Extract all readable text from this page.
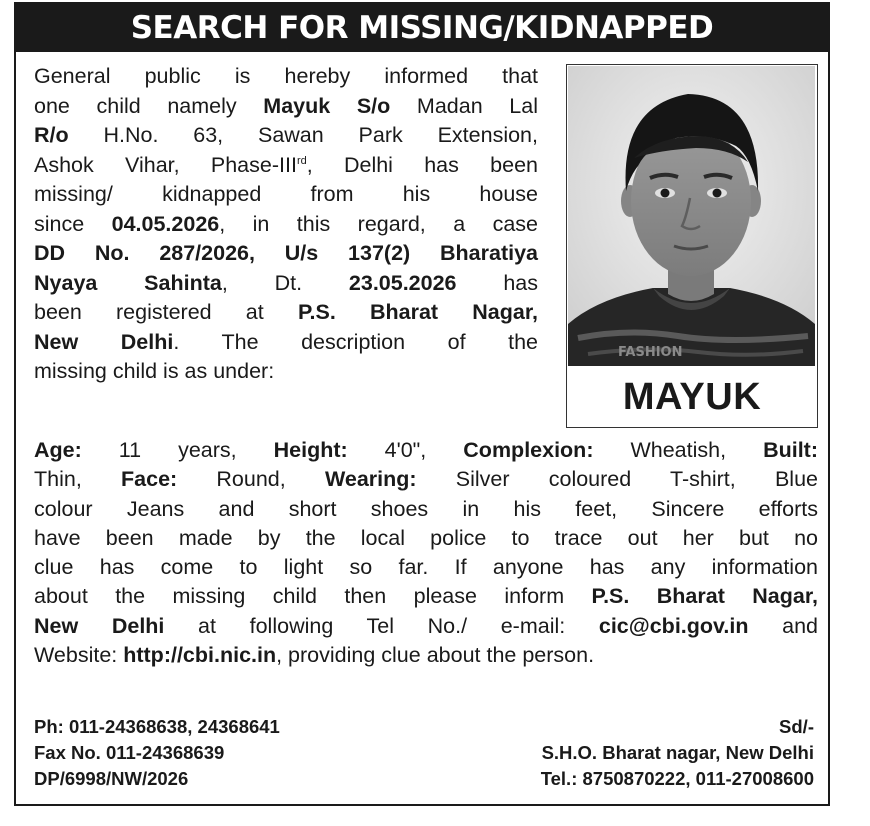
SEARCH FOR MISSING/KIDNAPPED
General public is hereby informed that
one child namely Mayuk S/o Madan Lal
R/o H.No. 63, Sawan Park Extension,
Ashok Vihar, Phase-IIIrd, Delhi has been
missing/ kidnapped from his house
since 04.05.2026, in this regard, a case
DD No. 287/2026, U/s 137(2) Bharatiya
Nyaya Sahinta, Dt. 23.05.2026 has
been registered at P.S. Bharat Nagar,
New Delhi. The description of the
missing child is as under:
FASHION
MAYUK
Age: 11 years, Height: 4'0", Complexion: Wheatish, Built:
Thin, Face: Round, Wearing: Silver coloured T-shirt, Blue
colour Jeans and short shoes in his feet, Sincere efforts
have been made by the local police to trace out her but no
clue has come to light so far. If anyone has any information
about the missing child then please inform P.S. Bharat Nagar,
New Delhi at following Tel No./ e-mail: cic@cbi.gov.in and
Website: http://cbi.nic.in, providing clue about the person.
Ph: 011-24368638, 24368641
Fax No. 011-24368639
DP/6998/NW/2026
Sd/-
S.H.O. Bharat nagar, New Delhi
Tel.: 8750870222, 011-27008600
